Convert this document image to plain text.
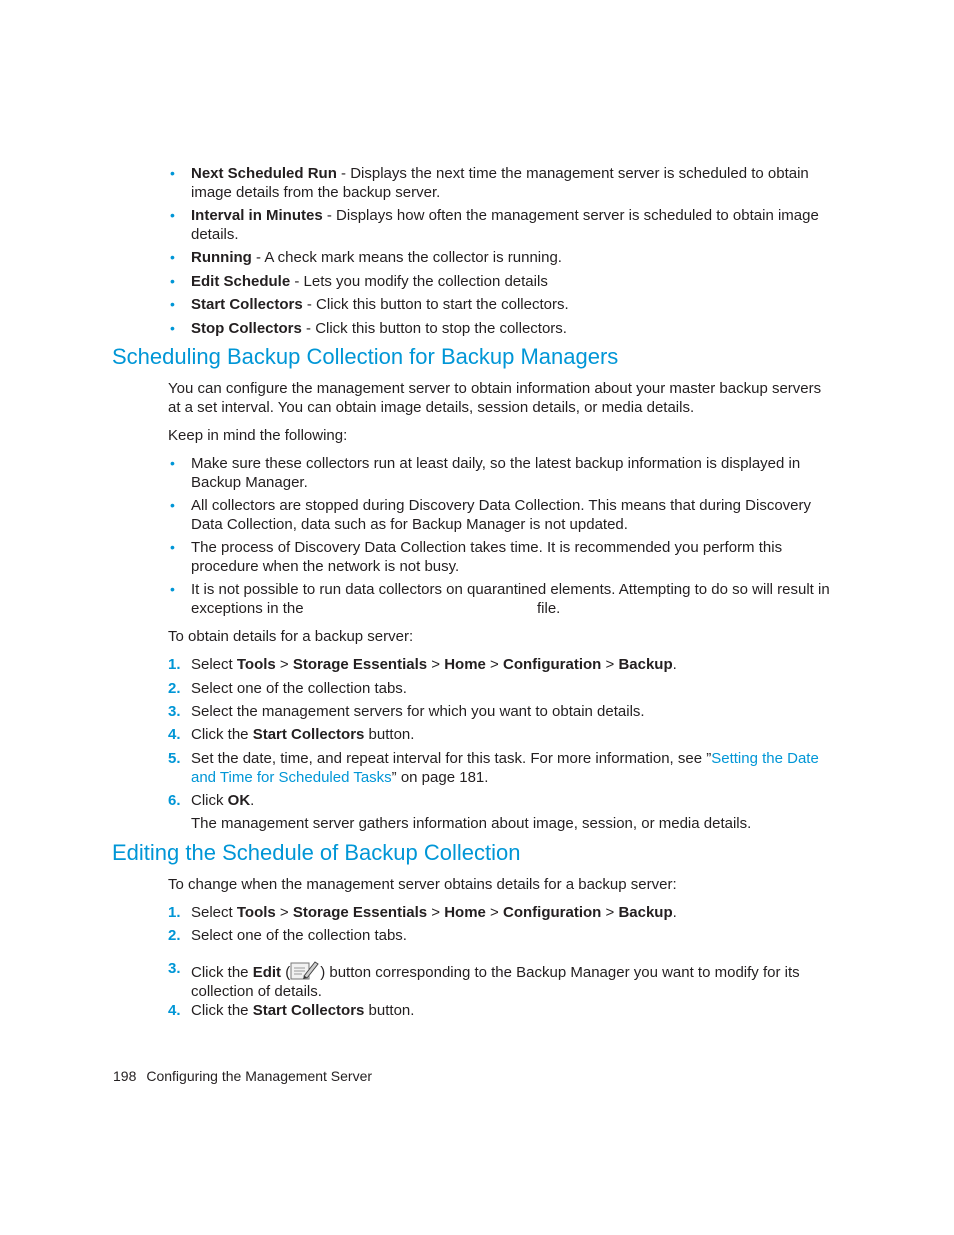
• Next Scheduled Run - Displays the next time the management server is scheduled to obtain image details from the backup server.
• Interval in Minutes - Displays how often the management server is scheduled to obtain image details.
• Running - A check mark means the collector is running.
• Edit Schedule - Lets you modify the collection details
• Start Collectors - Click this button to start the collectors.
• Stop Collectors - Click this button to stop the collectors.
Scheduling Backup Collection for Backup Managers
You can configure the management server to obtain information about your master backup servers at a set interval. You can obtain image details, session details, or media details.
Keep in mind the following:
• Make sure these collectors run at least daily, so the latest backup information is displayed in Backup Manager.
• All collectors are stopped during Discovery Data Collection. This means that during Discovery Data Collection, data such as for Backup Manager is not updated.
• The process of Discovery Data Collection takes time. It is recommended you perform this procedure when the network is not busy.
• It is not possible to run data collectors on quarantined elements. Attempting to do so will result in exceptions in the	file.
To obtain details for a backup server:
1. Select Tools > Storage Essentials > Home > Configuration > Backup.
2. Select one of the collection tabs.
3. Select the management servers for which you want to obtain details.
4. Click the Start Collectors button.
5. Set the date, time, and repeat interval for this task. For more information, see ”Setting the Date and Time for Scheduled Tasks” on page 181.
6. Click OK.
The management server gathers information about image, session, or media details.
Editing the Schedule of Backup Collection
To change when the management server obtains details for a backup server:
1. Select Tools > Storage Essentials > Home > Configuration > Backup.
2. Select one of the collection tabs.
3. Click the Edit ( ) button corresponding to the Backup Manager you want to modify for its collection of details.
4. Click the Start Collectors button.
198 Configuring the Management Server
